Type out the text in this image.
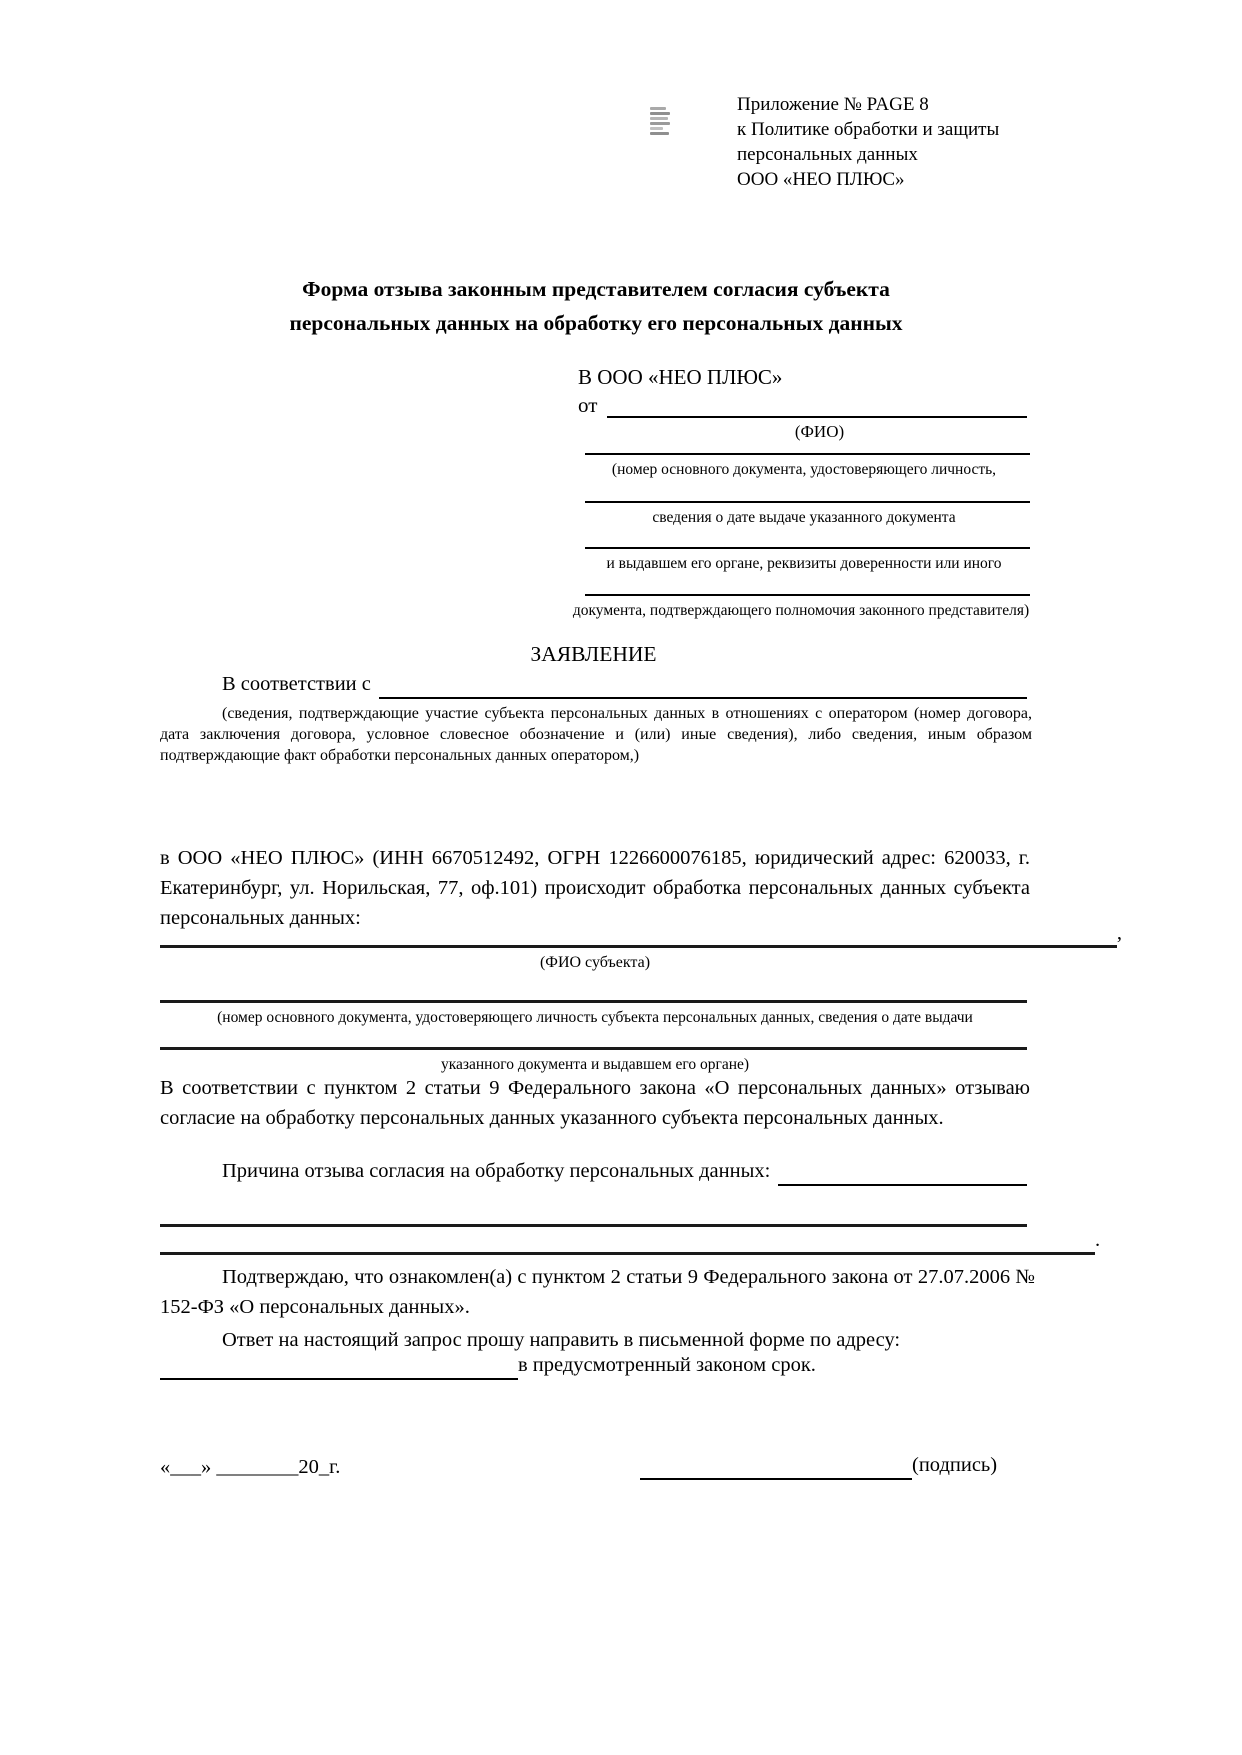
Приложение № PAGE 8
к Политике обработки и защиты
персональных данных
ООО «НЕО ПЛЮС»
Форма отзыва законным представителем согласия субъекта
персональных данных на обработку его персональных данных
В ООО «НЕО ПЛЮС»
от
(ФИО)
(номер основного документа, удостоверяющего личность,
сведения о дате выдаче указанного документа
и выдавшем его органе, реквизиты доверенности или иного
документа, подтверждающего полномочия законного представителя)
ЗАЯВЛЕНИЕ
В соответствии с
(сведения, подтверждающие участие субъекта персональных данных в отношениях с оператором (номер договора, дата заключения договора, условное словесное обозначение и (или) иные сведения), либо сведения, иным образом подтверждающие факт обработки персональных данных оператором,)
в ООО «НЕО ПЛЮС» (ИНН 6670512492, ОГРН 1226600076185, юридический адрес: 620033, г. Екатеринбург, ул. Норильская, 77, оф.101) происходит обработка персональных данных субъекта персональных данных:
,
(ФИО субъекта)
(номер основного документа, удостоверяющего личность субъекта персональных данных, сведения о дате выдачи
указанного документа и выдавшем его органе)
В соответствии с пунктом 2 статьи 9 Федерального закона «О персональных данных» отзываю согласие на обработку персональных данных указанного субъекта персональных данных.
Причина отзыва согласия на обработку персональных данных:
.
Подтверждаю, что ознакомлен(а) с пунктом 2 статьи 9 Федерального закона от 27.07.2006 № 152-ФЗ «О персональных данных».
Ответ на настоящий запрос прошу направить в письменной форме по адресу:
в предусмотренный законом срок.
«___» ________20_г.	(подпись)
